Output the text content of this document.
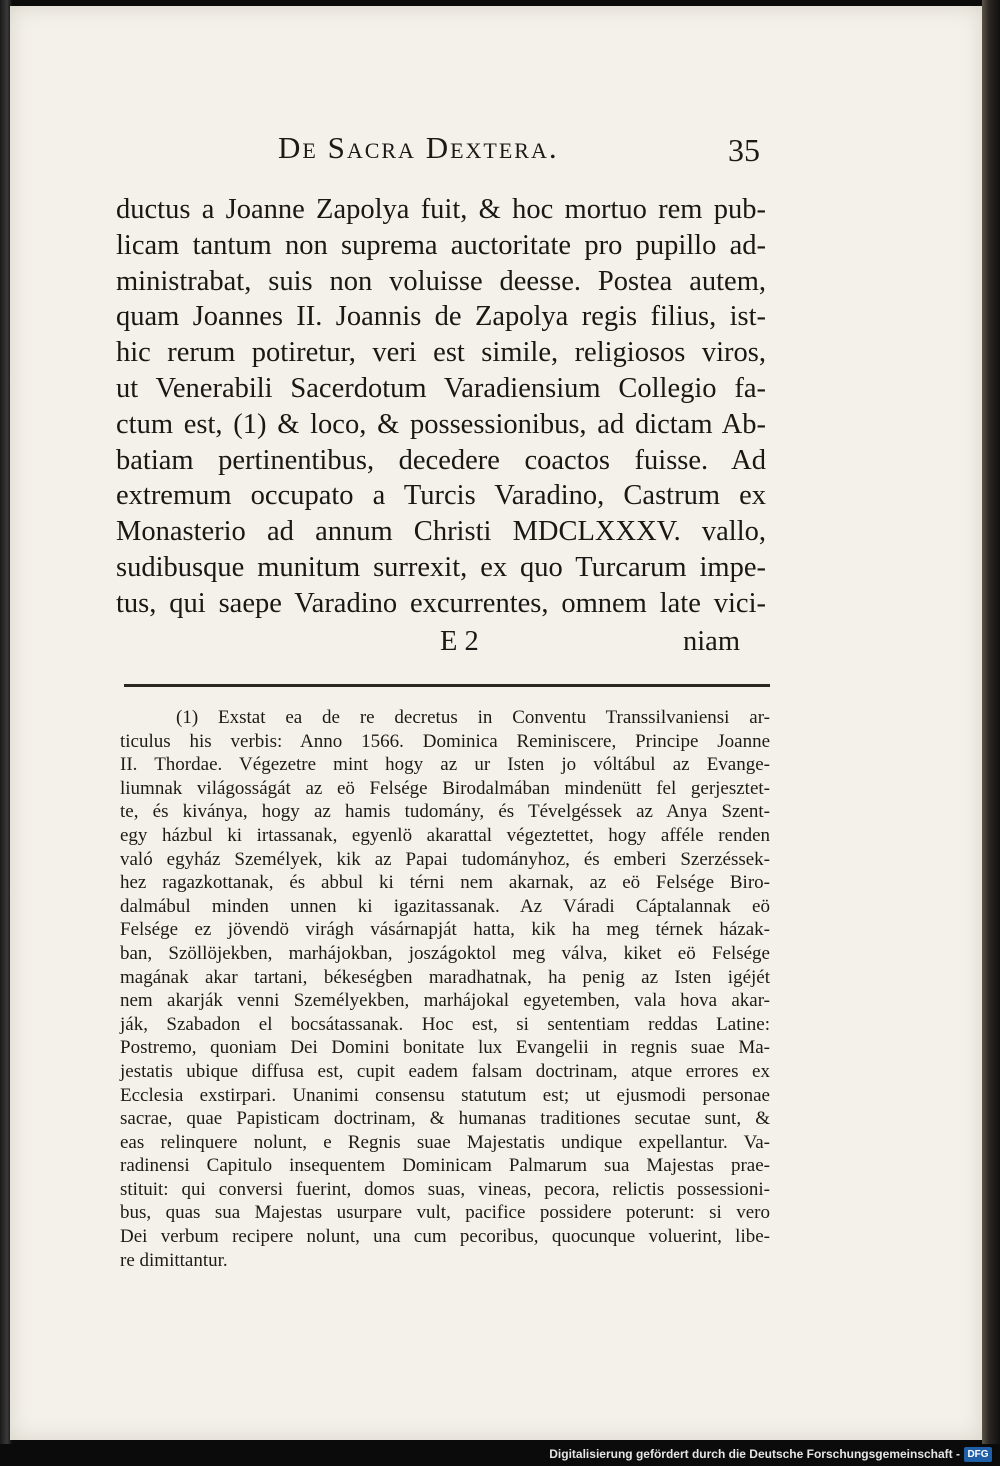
De Sacra Dextera.	35
ductus a Joanne Zapolya fuit, & hoc mortuo rem pub-
licam tantum non suprema auctoritate pro pupillo ad-
ministrabat, suis non voluisse deesse. Postea autem,
quam Joannes II. Joannis de Zapolya regis filius, ist-
hic rerum potiretur, veri est simile, religiosos viros,
ut Venerabili Sacerdotum Varadiensium Collegio fa-
ctum est, (1) & loco, & possessionibus, ad dictam Ab-
batiam pertinentibus, decedere coactos fuisse. Ad
extremum occupato a Turcis Varadino, Castrum ex
Monasterio ad annum Christi MDCLXXXV. vallo,
sudibusque munitum surrexit, ex quo Turcarum impe-
tus, qui saepe Varadino excurrentes, omnem late vici-
E 2	niam
(1) Exstat ea de re decretus in Conventu Transsilvaniensi ar-
ticulus his verbis: Anno 1566. Dominica Reminiscere, Principe Joanne
II. Thordae. Végezetre mint hogy az ur Isten jo vóltábul az Evange-
liumnak világosságát az eö Felsége Birodalmában mindenütt fel gerjesztet-
te, és kiványa, hogy az hamis tudomány, és Tévelgéssek az Anya Szent-
egy házbul ki irtassanak, egyenlö akarattal végeztettet, hogy afféle renden
való egyház Személyek, kik az Papai tudományhoz, és emberi Szerzéssek-
hez ragazkottanak, és abbul ki térni nem akarnak, az eö Felsége Biro-
dalmábul minden unnen ki igazitassanak. Az Váradi Cáptalannak eö
Felsége ez jövendö virágh vásárnapját hatta, kik ha meg térnek házak-
ban, Szöllöjekben, marhájokban, joszágoktol meg válva, kiket eö Felsége
magának akar tartani, békeségben maradhatnak, ha penig az Isten igéjét
nem akarják venni Személyekben, marhájokal egyetemben, vala hova akar-
ják, Szabadon el bocsátassanak. Hoc est, si sententiam reddas Latine:
Postremo, quoniam Dei Domini bonitate lux Evangelii in regnis suae Ma-
jestatis ubique diffusa est, cupit eadem falsam doctrinam, atque errores ex
Ecclesia exstirpari. Unanimi consensu statutum est; ut ejusmodi personae
sacrae, quae Papisticam doctrinam, & humanas traditiones secutae sunt, &
eas relinquere nolunt, e Regnis suae Majestatis undique expellantur. Va-
radinensi Capitulo insequentem Dominicam Palmarum sua Majestas prae-
stituit: qui conversi fuerint, domos suas, vineas, pecora, relictis possessioni-
bus, quas sua Majestas usurpare vult, pacifice possidere poterunt: si vero
Dei verbum recipere nolunt, una cum pecoribus, quocunque voluerint, libe-
re dimittantur.
Digitalisierung gefördert durch die Deutsche Forschungsgemeinschaft - DFG
